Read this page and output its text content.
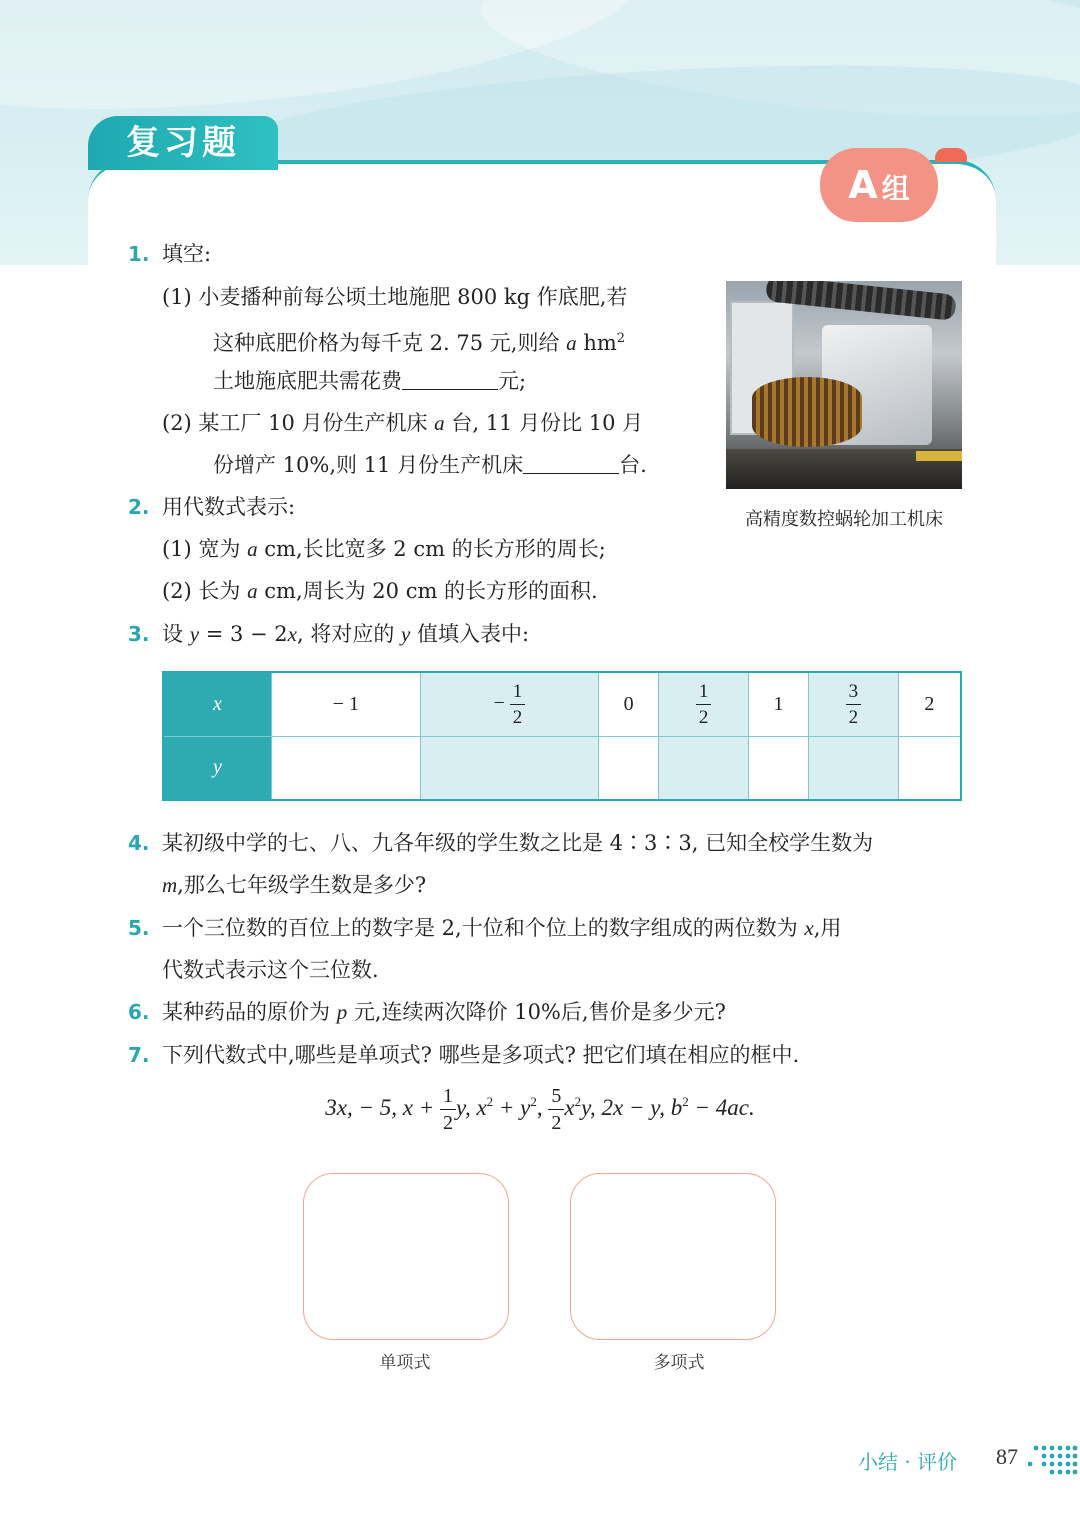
复习题
A 组
1. 填空:
(1) 小麦播种前每公顷土地施肥 800 kg 作底肥,若
这种底肥价格为每千克 2. 75 元,则给 a $hm^2$
土地施底肥共需花费	元;
(2) 某工厂 10 月份生产机床 a 台, 11 月份比 10 月
份增产 10%,则 11 月份生产机床	台.
高精度数控蜗轮加工机床
2. 用代数式表示:
(1) 宽为 a cm,长比宽多 2 cm 的长方形的周长;
(2) 长为 a cm,周长为 20 cm 的长方形的面积.
3. 设 y = 3 − 2x, 将对应的 y 值填入表中:
x	− 1	− $\frac{1}{2}$	0	$\frac{1}{2}$	1	$\frac{3}{2}$	2
y							
4. 某初级中学的七、八、九各年级的学生数之比是 4∶3∶3, 已知全校学生数为
m,那么七年级学生数是多少?
5. 一个三位数的百位上的数字是 2,十位和个位上的数字组成的两位数为 x,用
代数式表示这个三位数.
6. 某种药品的原价为 p 元,连续两次降价 10%后,售价是多少元?
7. 下列代数式中,哪些是单项式? 哪些是多项式? 把它们填在相应的框中.
3x, − 5, $x + \frac{1}{2} y$, $x^2 + y^2$, $\frac{5}{2} x^2y$, 2x − y, $b^2 - 4ac$.
单项式	多项式
小结 · 评价 87
